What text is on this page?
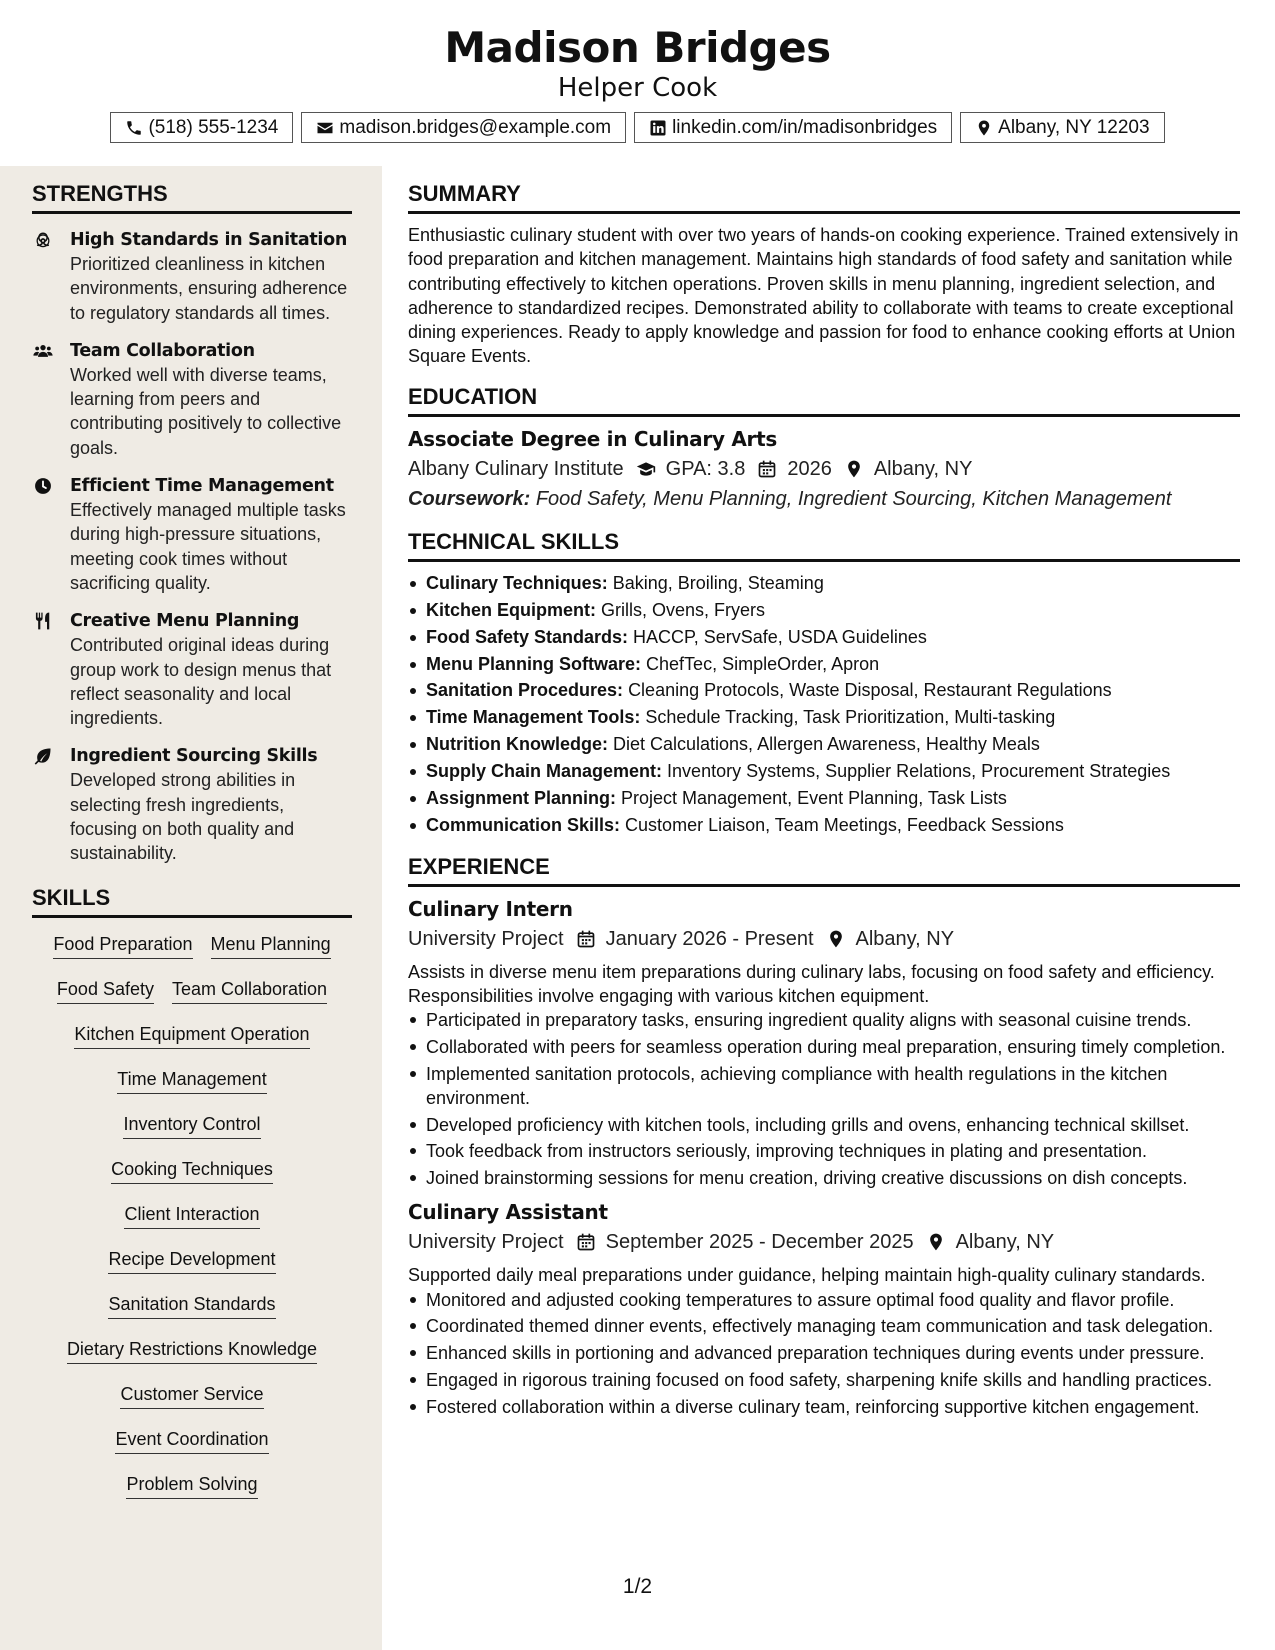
Madison Bridges
Helper Cook
(518) 555-1234	madison.bridges@example.com	linkedin.com/in/madisonbridges	Albany, NY 12203
STRENGTHS
High Standards in Sanitation
Prioritized cleanliness in kitchen environments, ensuring adherence to regulatory standards all times.
Team Collaboration
Worked well with diverse teams, learning from peers and contributing positively to collective goals.
Efficient Time Management
Effectively managed multiple tasks during high-pressure situations, meeting cook times without sacrificing quality.
Creative Menu Planning
Contributed original ideas during group work to design menus that reflect seasonality and local ingredients.
Ingredient Sourcing Skills
Developed strong abilities in selecting fresh ingredients, focusing on both quality and sustainability.
SKILLS
Food Preparation Menu Planning
Food Safety Team Collaboration
Kitchen Equipment Operation
Time Management
Inventory Control
Cooking Techniques
Client Interaction
Recipe Development
Sanitation Standards
Dietary Restrictions Knowledge
Customer Service
Event Coordination
Problem Solving
SUMMARY
Enthusiastic culinary student with over two years of hands-on cooking experience. Trained extensively in food preparation and kitchen management. Maintains high standards of food safety and sanitation while contributing effectively to kitchen operations. Proven skills in menu planning, ingredient selection, and adherence to standardized recipes. Demonstrated ability to collaborate with teams to create exceptional dining experiences. Ready to apply knowledge and passion for food to enhance cooking efforts at Union Square Events.
EDUCATION
Associate Degree in Culinary Arts
Albany Culinary Institute GPA: 3.8 2026 Albany, NY
Coursework: Food Safety, Menu Planning, Ingredient Sourcing, Kitchen Management
TECHNICAL SKILLS
Culinary Techniques: Baking, Broiling, Steaming
Kitchen Equipment: Grills, Ovens, Fryers
Food Safety Standards: HACCP, ServSafe, USDA Guidelines
Menu Planning Software: ChefTec, SimpleOrder, Apron
Sanitation Procedures: Cleaning Protocols, Waste Disposal, Restaurant Regulations
Time Management Tools: Schedule Tracking, Task Prioritization, Multi-tasking
Nutrition Knowledge: Diet Calculations, Allergen Awareness, Healthy Meals
Supply Chain Management: Inventory Systems, Supplier Relations, Procurement Strategies
Assignment Planning: Project Management, Event Planning, Task Lists
Communication Skills: Customer Liaison, Team Meetings, Feedback Sessions
EXPERIENCE
Culinary Intern
University Project January 2026 - Present Albany, NY
Assists in diverse menu item preparations during culinary labs, focusing on food safety and efficiency. Responsibilities involve engaging with various kitchen equipment.
Participated in preparatory tasks, ensuring ingredient quality aligns with seasonal cuisine trends.
Collaborated with peers for seamless operation during meal preparation, ensuring timely completion.
Implemented sanitation protocols, achieving compliance with health regulations in the kitchen environment.
Developed proficiency with kitchen tools, including grills and ovens, enhancing technical skillset.
Took feedback from instructors seriously, improving techniques in plating and presentation.
Joined brainstorming sessions for menu creation, driving creative discussions on dish concepts.
Culinary Assistant
University Project September 2025 - December 2025 Albany, NY
Supported daily meal preparations under guidance, helping maintain high-quality culinary standards.
Monitored and adjusted cooking temperatures to assure optimal food quality and flavor profile.
Coordinated themed dinner events, effectively managing team communication and task delegation.
Enhanced skills in portioning and advanced preparation techniques during events under pressure.
Engaged in rigorous training focused on food safety, sharpening knife skills and handling practices.
Fostered collaboration within a diverse culinary team, reinforcing supportive kitchen engagement.
1/2
